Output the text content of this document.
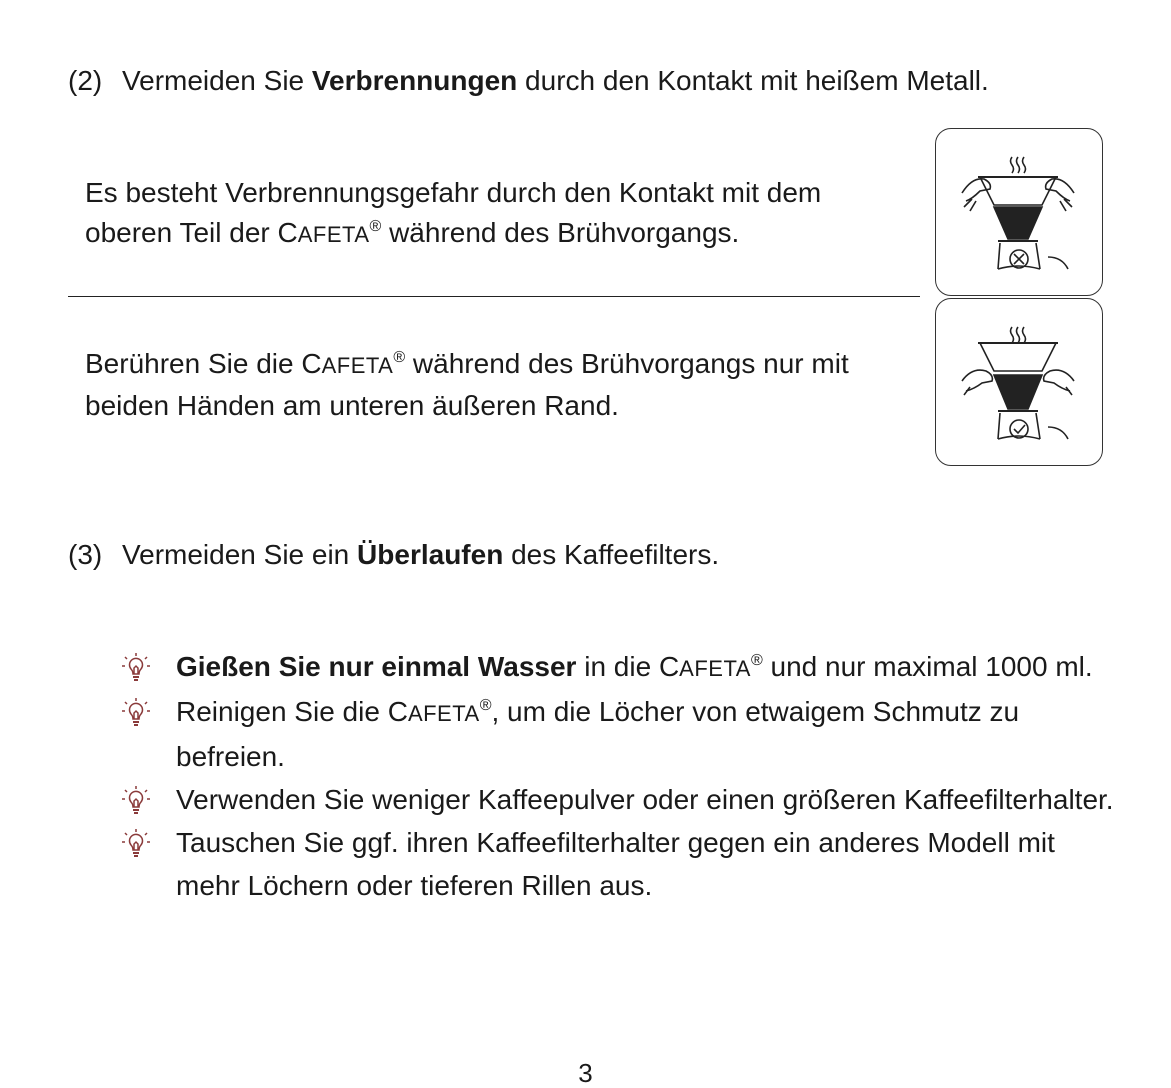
(2) Vermeiden Sie Verbrennungen durch den Kontakt mit heißem Metall.
Es besteht Verbrennungsgefahr durch den Kontakt mit dem oberen Teil der CAFETA® während des Brühvorgangs.
Berühren Sie die CAFETA® während des Brühvorgangs nur mit beiden Händen am unteren äußeren Rand.
(3) Vermeiden Sie ein Überlaufen des Kaffeefilters.
Gießen Sie nur einmal Wasser in die CAFETA® und nur maximal 1000 ml.
Reinigen Sie die CAFETA®, um die Löcher von etwaigem Schmutz zu befreien.
Verwenden Sie weniger Kaffeepulver oder einen größeren Kaffeefilterhalter.
Tauschen Sie ggf. ihren Kaffeefilterhalter gegen ein anderes Modell mit mehr Löchern oder tieferen Rillen aus.
3
